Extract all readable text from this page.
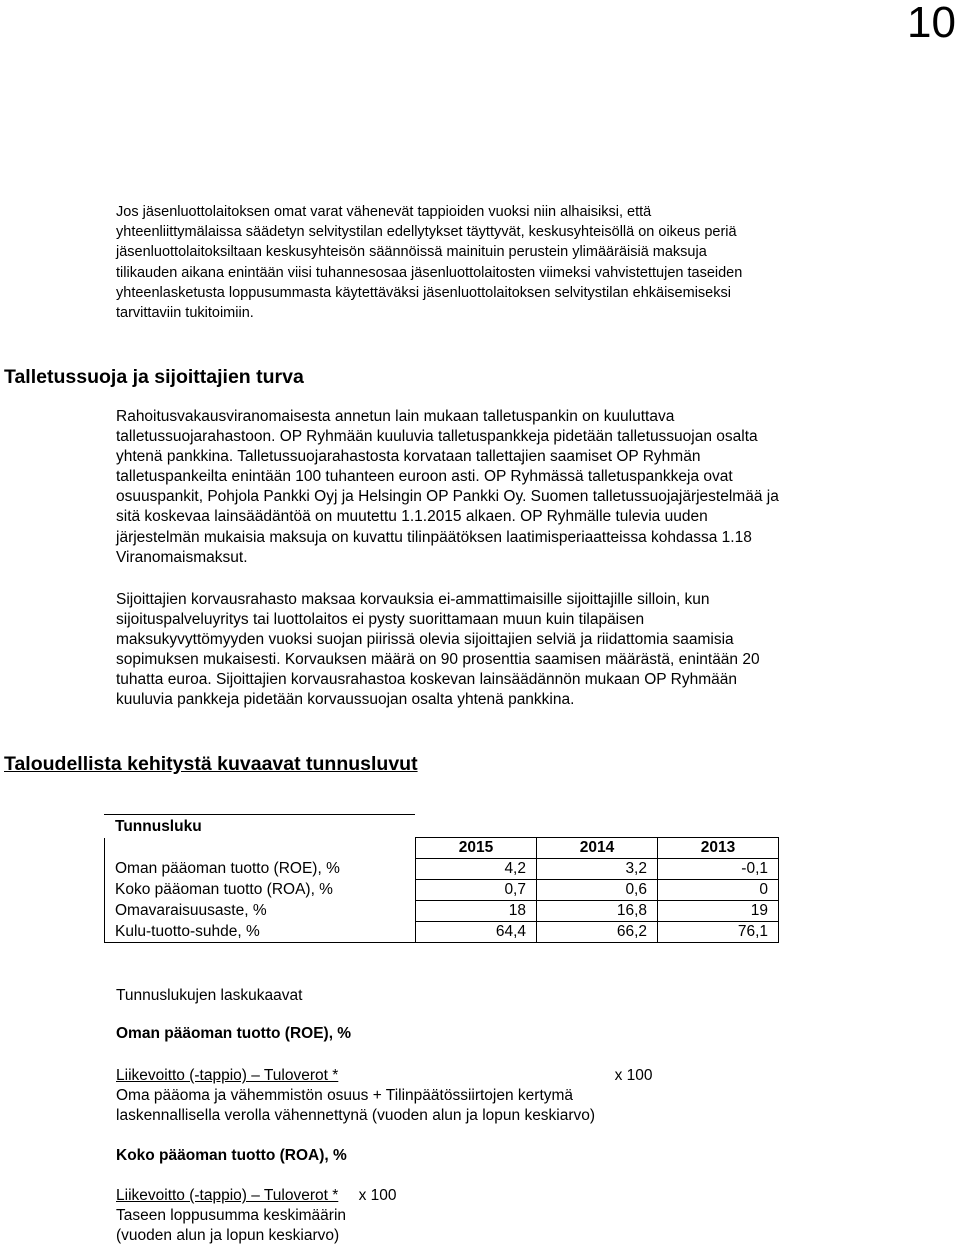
10
Jos jäsenluottolaitoksen omat varat vähenevät tappioiden vuoksi niin alhaisiksi, että
yhteenliittymälaissa säädetyn selvitystilan edellytykset täyttyvät, keskusyhteisöllä on oikeus periä
jäsenluottolaitoksiltaan keskusyhteisön säännöissä mainituin perustein ylimääräisiä maksuja
tilikauden aikana enintään viisi tuhannesosaa jäsenluottolaitosten viimeksi vahvistettujen taseiden
yhteenlasketusta loppusummasta käytettäväksi jäsenluottolaitoksen selvitystilan ehkäisemiseksi
tarvittaviin tukitoimiin.
Talletussuoja ja sijoittajien turva
Rahoitusvakausviranomaisesta annetun lain mukaan talletuspankin on kuuluttava
talletussuojarahastoon. OP Ryhmään kuuluvia talletuspankkeja pidetään talletussuojan osalta
yhtenä pankkina. Talletussuojarahastosta korvataan tallettajien saamiset OP Ryhmän
talletuspankeilta enintään 100 tuhanteen euroon asti. OP Ryhmässä talletuspankkeja ovat
osuuspankit, Pohjola Pankki Oyj ja Helsingin OP Pankki Oy. Suomen talletussuojajärjestelmää ja
sitä koskevaa lainsäädäntöä on muutettu 1.1.2015 alkaen. OP Ryhmälle tulevia uuden
järjestelmän mukaisia maksuja on kuvattu tilinpäätöksen laatimisperiaatteissa kohdassa 1.18
Viranomaismaksut.
Sijoittajien korvausrahasto maksaa korvauksia ei-ammattimaisille sijoittajille silloin, kun
sijoituspalveluyritys tai luottolaitos ei pysty suorittamaan muun kuin tilapäisen
maksukyvyttömyyden vuoksi suojan piirissä olevia sijoittajien selviä ja riidattomia saamisia
sopimuksen mukaisesti. Korvauksen määrä on 90 prosenttia saamisen määrästä, enintään 20
tuhatta euroa. Sijoittajien korvausrahastoa koskevan lainsäädännön mukaan OP Ryhmään
kuuluvia pankkeja pidetään korvaussuojan osalta yhtenä pankkina.
Taloudellista kehitystä kuvaavat tunnusluvut
Tunnusluku
	2015	2014	2013
Oman pääoman tuotto (ROE), %	4,2	3,2	-0,1
Koko pääoman tuotto (ROA), %	0,7	0,6	0
Omavaraisuusaste, %	18	16,8	19
Kulu-tuotto-suhde, %	64,4	66,2	76,1
Tunnuslukujen laskukaavat
Oman pääoman tuotto (ROE), %
Liikevoitto (-tappio) – Tuloverot *	x 100
Oma pääoma ja vähemmistön osuus + Tilinpäätössiirtojen kertymä
laskennallisella verolla vähennettynä (vuoden alun ja lopun keskiarvo)
Koko pääoman tuotto (ROA), %
Liikevoitto (-tappio) – Tuloverot * x 100
Taseen loppusumma keskimäärin
(vuoden alun ja lopun keskiarvo)
